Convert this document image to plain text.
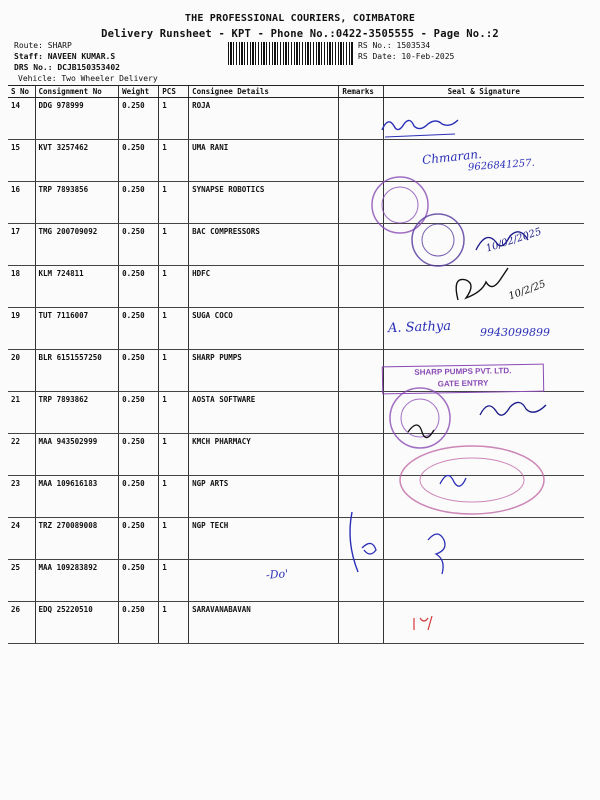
THE PROFESSIONAL COURIERS, COIMBATORE
Delivery Runsheet - KPT - Phone No.:0422-3505555 - Page No.:2
Route: SHARP
Staff: NAVEEN KUMAR.S
DRS No.: DCJB150353402
Vehicle: Two Wheeler Delivery
RS No.: 1503534
RS Date: 10-Feb-2025
S No	Consignment No	Weight	PCS	Consignee Details	Remarks	Seal & Signature
14	DDG 978999	0.250	1	ROJA		
15	KVT 3257462	0.250	1	UMA RANI		
16	TRP 7893856	0.250	1	SYNAPSE ROBOTICS		
17	TMG 200709092	0.250	1	BAC COMPRESSORS		
18	KLM 724811	0.250	1	HDFC		
19	TUT 7116007	0.250	1	SUGA COCO		
20	BLR 6151557250	0.250	1	SHARP PUMPS		
21	TRP 7893862	0.250	1	AOSTA SOFTWARE		
22	MAA 943502999	0.250	1	KMCH PHARMACY		
23	MAA 109616183	0.250	1	NGP ARTS		
24	TRZ 270089008	0.250	1	NGP TECH		
25	MAA 109283892	0.250	1			
26	EDQ 25220510	0.250	1	SARAVANABAVAN		
Chmaran.
9626841257.
10/02/2025
10/2/25
A. Sathya	9943099899
-Do'
SHARP PUMPS PVT. LTD.
GATE ENTRY
